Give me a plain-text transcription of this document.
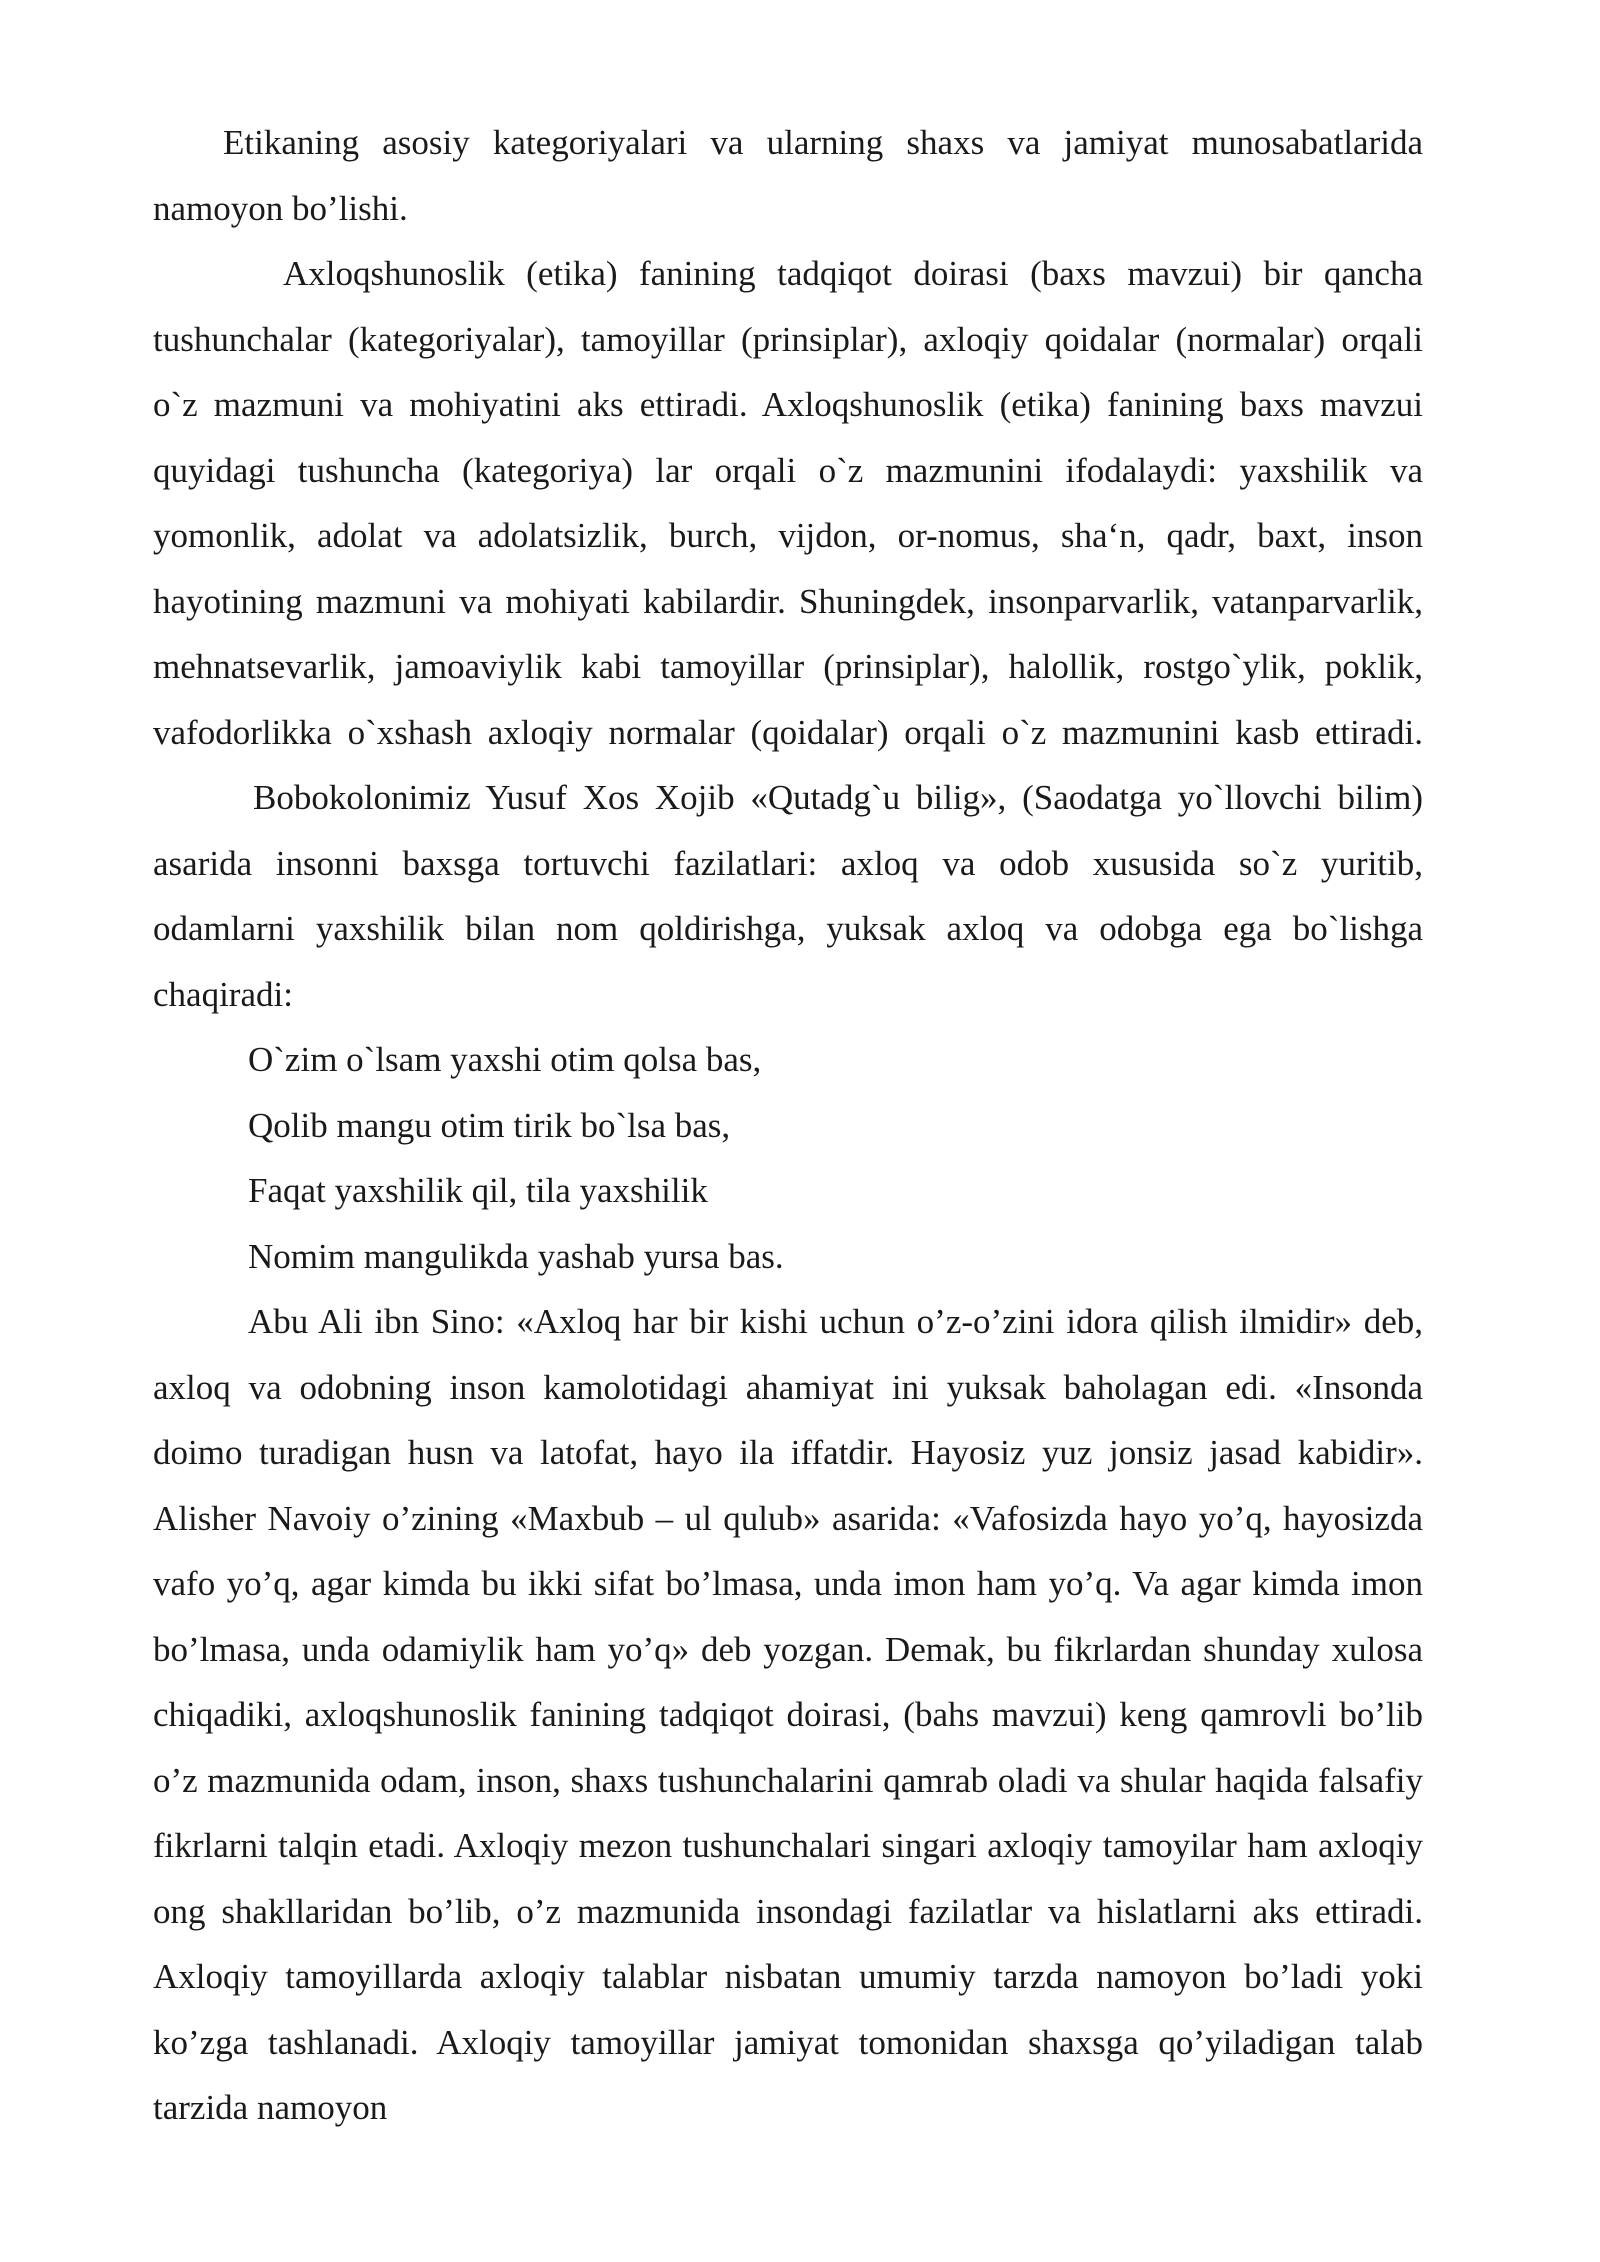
Etikaning asosiy kategoriyalari va ularning shaxs va jamiyat munosabatlarida namoyon bo’lishi.

Axloqshunoslik (etika) fanining tadqiqot doirasi (baxs mavzui) bir qancha tushunchalar (kategoriyalar), tamoyillar (prinsiplar), axloqiy qoidalar (normalar) orqali o`z mazmuni va mohiyatini aks ettiradi. Axloqshunoslik (etika) fanining baxs mavzui quyidagi tushuncha (kategoriya) lar orqali o`z mazmunini ifodalaydi: yaxshilik va yomonlik, adolat va adolatsizlik, burch, vijdon, or-nomus, sha‘n, qadr, baxt, inson hayotining mazmuni va mohiyati kabilardir. Shuningdek, insonparvarlik, vatanparvarlik, mehnatsevarlik, jamoaviylik kabi tamoyillar (prinsiplar), halollik, rostgo`ylik, poklik, vafodorlikka o`xshash axloqiy normalar (qoidalar) orqali o`z mazmunini kasb ettiradi.Bobokolonimiz Yusuf Xos Xojib «Qutadg`u bilig», (Saodatga yo`llovchi bilim) asarida insonni baxsga tortuvchi fazilatlari: axloq va odob xususida so`z yuritib, odamlarni yaxshilik bilan nom qoldirishga, yuksak axloq va odobga ega bo`lishga chaqiradi:

O`zim o`lsam yaxshi otim qolsa bas,

Qolib mangu otim tirik bo`lsa bas,

Faqat yaxshilik qil, tila yaxshilik

Nomim mangulikda yashab yursa bas.

Abu Ali ibn Sino: «Axloq har bir kishi uchun o’z-o’zini idora qilish ilmidir» deb, axloq va odobning inson kamolotidagi ahamiyat ini yuksak baholagan edi. «Insonda doimo turadigan husn va latofat, hayo ila iffatdir. Hayosiz yuz jonsiz jasad kabidir». Alisher Navoiy o’zining «Maxbub – ul qulub» asarida: «Vafosizda hayo yo’q, hayosizda vafo yo’q, agar kimda bu ikki sifat bo’lmasa, unda imon ham yo’q. Va agar kimda imon bo’lmasa, unda odamiylik ham yo’q» deb yozgan. Demak, bu fikrlardan shunday xulosa chiqadiki, axloqshunoslik fanining tadqiqot doirasi, (bahs mavzui) keng qamrovli bo’lib o’z mazmunida odam, inson, shaxs tushunchalarini qamrab oladi va shular haqida falsafiy fikrlarni talqin etadi. Axloqiy mezon tushunchalari singari axloqiy tamoyilar ham axloqiy ong shakllaridan bo’lib, o’z mazmunida insondagi fazilatlar va hislatlarni aks ettiradi. Axloqiy tamoyillarda axloqiy talablar nisbatan umumiy tarzda namoyon bo’ladi yoki ko’zga tashlanadi. Axloqiy tamoyillar jamiyat tomonidan shaxsga qo’yiladigan talab tarzida namoyon
